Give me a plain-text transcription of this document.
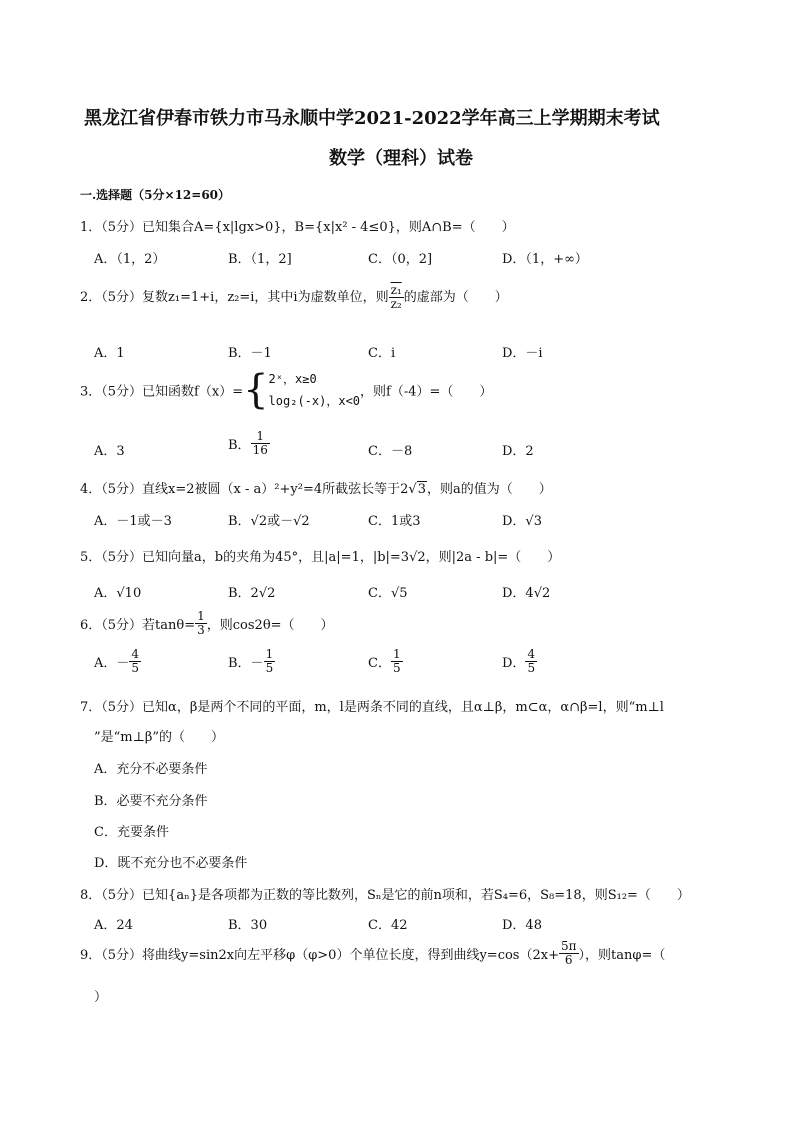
黑龙江省伊春市铁力市马永顺中学2021-2022学年高三上学期期末考试
数学（理科）试卷
一.选择题（5分×12=60）
1．（5分）已知集合A={x|lgx>0}，B={x|x² - 4≤0}，则A∩B=（　　）
A．（1，2）	B．（1，2]	C．（0，2]	D．（1，+∞）
2．（5分）复数z₁=1+i，z₂=i，其中i为虚数单位，则 $\frac{\text{z₁}}{\text{z₂}}$ 的虚部为（　　）
A．1	B．－1	C．i	D．－i
3．（5分）已知函数f（x）={ 2ˣ，x≥0
log₂(-x)，x<0
，则f（-4）=（　　）
A．3	B． $\frac{1}{16}$	C．－8	D．2
4．（5分）直线x=2被圆（x - a）²+y²=4所截弦长等于2√3，则a的值为（　　）
A．－1或－3	B．√2或－√2	C．1或3	D．√3
5．（5分）已知向量a，b的夹角为45°，且|a|=1，|b|=3√2，则|2a - b|=（　　）
A．√10	B．2√2	C．√5	D．4√2
6．（5分）若$\tan\theta= \frac{1}{3}$ ，则cos2θ=（　　）
A．－ $\frac{4}{5}$	B．－ $\frac{1}{5}$	C． $\frac{1}{5}$	D． $\frac{4}{5}$
7．（5分）已知α，β是两个不同的平面，m，l是两条不同的直线，且α⊥β，m⊂α，α∩β=l，则“m⊥l
”是“m⊥β”的（　　）
A．充分不必要条件
B．必要不充分条件
C．充要条件
D．既不充分也不必要条件
8．（5分）已知{aₙ}是各项都为正数的等比数列，Sₙ是它的前n项和，若S₄=6，S₈=18，则S₁₂=（　　）
A．24	B．30	C．42	D．48
9．（5分）将曲线y=sin2x向左平移φ（φ>0）个单位长度，得到曲线$y=\cos(2x+ \frac{5\pi}{6}$ ），则tanφ=（
）
